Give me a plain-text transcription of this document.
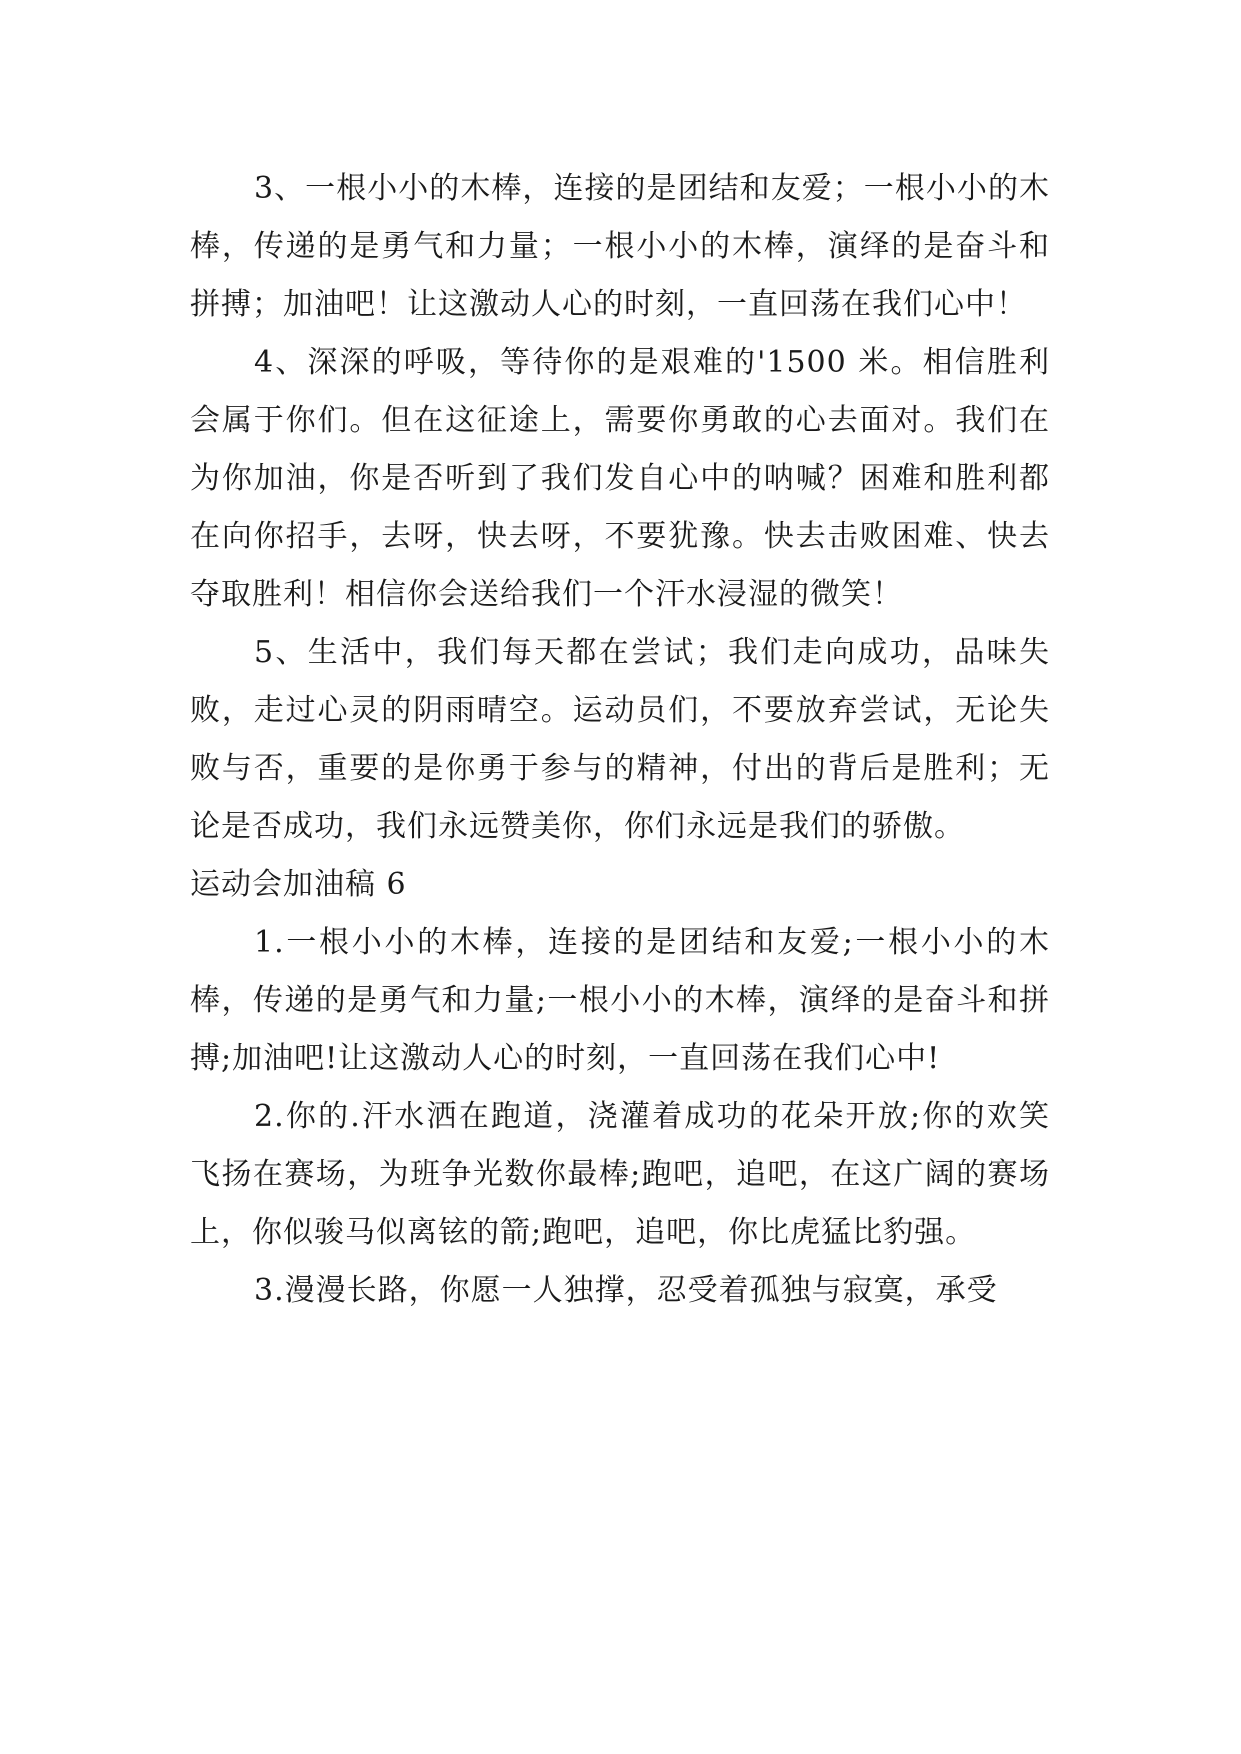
3、一根小小的木棒，连接的是团结和友爱；一根小小的木棒，传递的是勇气和力量；一根小小的木棒，演绎的是奋斗和拼搏；加油吧！让这激动人心的时刻，一直回荡在我们心中！

4、深深的呼吸，等待你的是艰难的'1500 米。相信胜利会属于你们。但在这征途上，需要你勇敢的心去面对。我们在为你加油，你是否听到了我们发自心中的呐喊？困难和胜利都在向你招手，去呀，快去呀，不要犹豫。快去击败困难、快去夺取胜利！相信你会送给我们一个汗水浸湿的微笑！

5、生活中，我们每天都在尝试；我们走向成功，品味失败，走过心灵的阴雨晴空。运动员们，不要放弃尝试，无论失败与否，重要的是你勇于参与的精神，付出的背后是胜利；无论是否成功，我们永远赞美你，你们永远是我们的骄傲。

运动会加油稿 6

1.一根小小的木棒，连接的是团结和友爱;一根小小的木棒，传递的是勇气和力量;一根小小的木棒，演绎的是奋斗和拼搏;加油吧!让这激动人心的时刻，一直回荡在我们心中!

2.你的.汗水洒在跑道，浇灌着成功的花朵开放;你的欢笑飞扬在赛场，为班争光数你最棒;跑吧，追吧，在这广阔的赛场上，你似骏马似离铉的箭;跑吧，追吧，你比虎猛比豹强。

3.漫漫长路，你愿一人独撑，忍受着孤独与寂寞，承受
